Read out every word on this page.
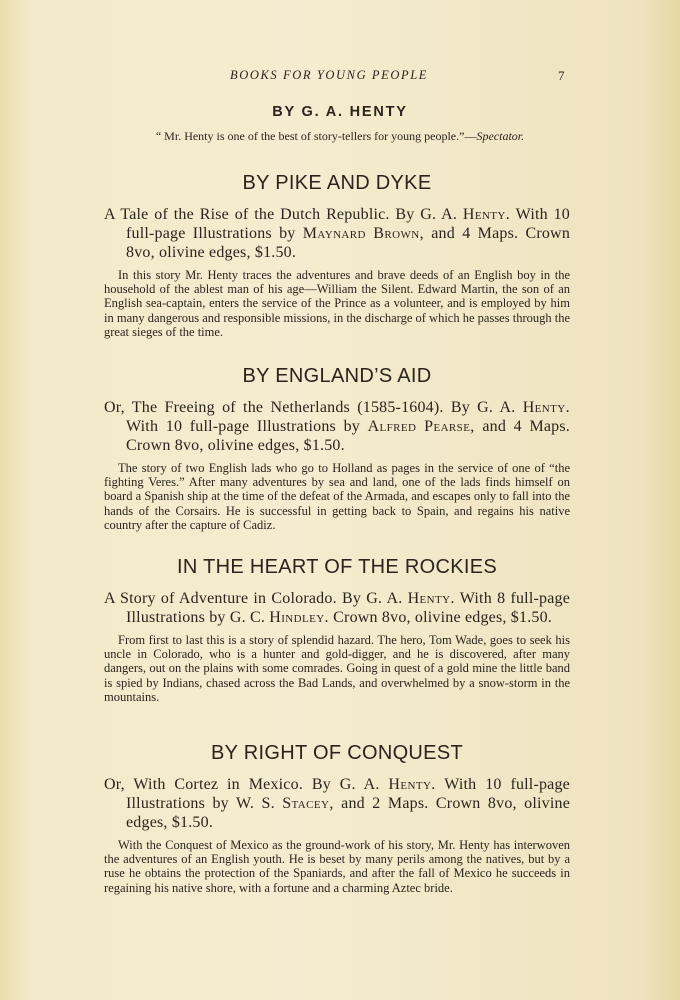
BOOKS FOR YOUNG PEOPLE	7
BY G. A. HENTY
“ Mr. Henty is one of the best of story-tellers for young people.”—Spectator.
BY PIKE AND DYKE

A Tale of the Rise of the Dutch Republic. By G. A. Henty. With 10 full-page Illustrations by Maynard Brown, and 4 Maps. Crown 8vo, olivine edges, $1.50.

In this story Mr. Henty traces the adventures and brave deeds of an English boy in the household of the ablest man of his age—William the Silent. Edward Martin, the son of an English sea-captain, enters the service of the Prince as a volunteer, and is employed by him in many dangerous and responsible missions, in the discharge of which he passes through the great sieges of the time.

BY ENGLAND’S AID

Or, The Freeing of the Netherlands (1585-1604). By G. A. Henty. With 10 full-page Illustrations by Alfred Pearse, and 4 Maps. Crown 8vo, olivine edges, $1.50.

The story of two English lads who go to Holland as pages in the service of one of “the fighting Veres.” After many adventures by sea and land, one of the lads finds himself on board a Spanish ship at the time of the defeat of the Armada, and escapes only to fall into the hands of the Corsairs. He is successful in getting back to Spain, and regains his native country after the capture of Cadiz.

IN THE HEART OF THE ROCKIES

A Story of Adventure in Colorado. By G. A. Henty. With 8 full-page Illustrations by G. C. Hindley. Crown 8vo, olivine edges, $1.50.

From first to last this is a story of splendid hazard. The hero, Tom Wade, goes to seek his uncle in Colorado, who is a hunter and gold-digger, and he is discovered, after many dangers, out on the plains with some comrades. Going in quest of a gold mine the little band is spied by Indians, chased across the Bad Lands, and overwhelmed by a snow-storm in the mountains.

BY RIGHT OF CONQUEST

Or, With Cortez in Mexico. By G. A. Henty. With 10 full-page Illustrations by W. S. Stacey, and 2 Maps. Crown 8vo, olivine edges, $1.50.

With the Conquest of Mexico as the ground-work of his story, Mr. Henty has interwoven the adventures of an English youth. He is beset by many perils among the natives, but by a ruse he obtains the protection of the Spaniards, and after the fall of Mexico he succeeds in regaining his native shore, with a fortune and a charming Aztec bride.
